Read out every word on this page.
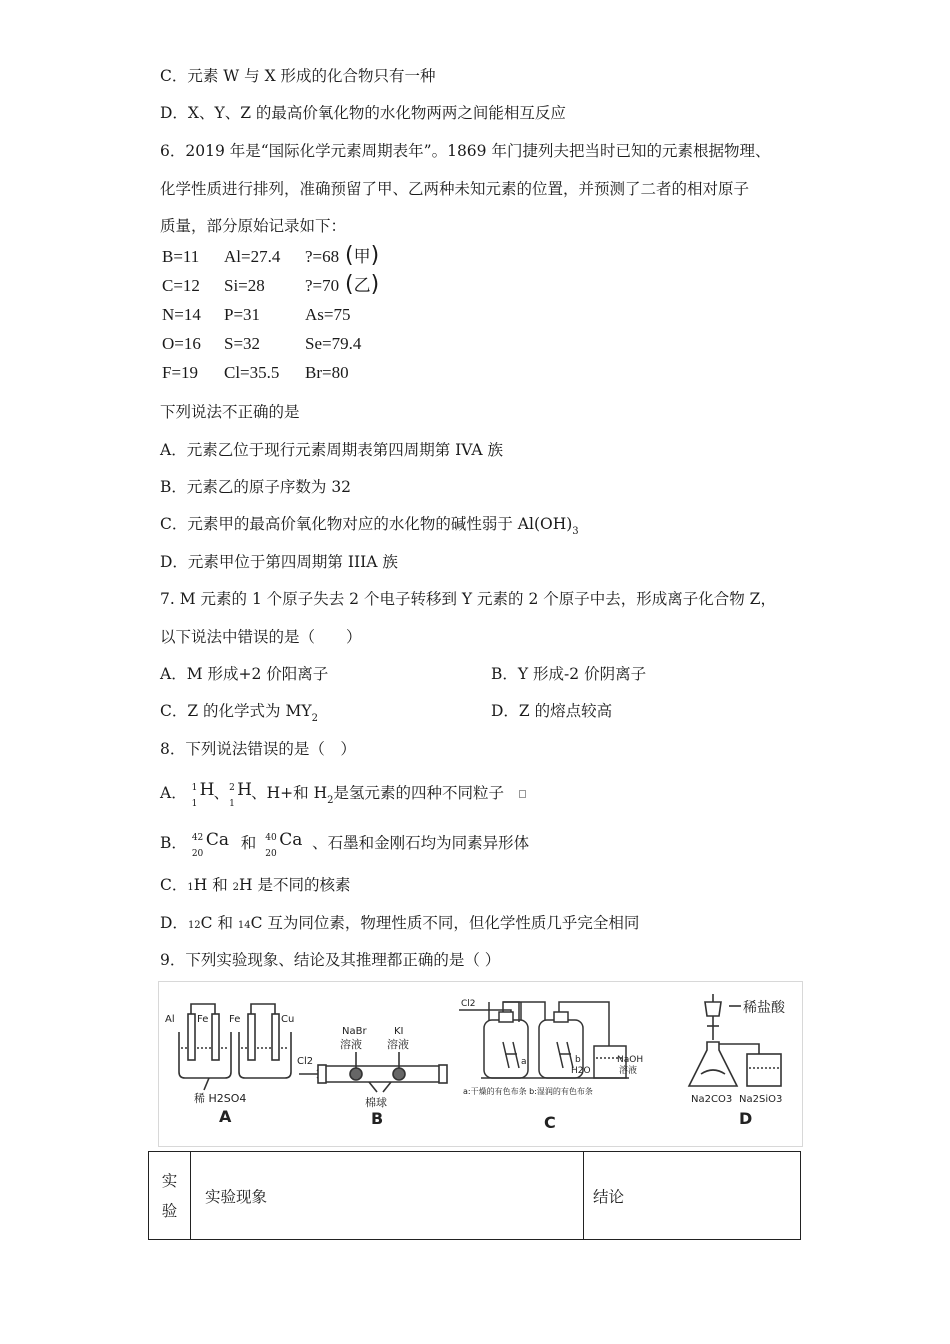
C．元素 W 与 X 形成的化合物只有一种
D．X、Y、Z 的最高价氧化物的水化物两两之间能相互反应
6．2019 年是“国际化学元素周期表年”。1869 年门捷列夫把当时已知的元素根据物理、
化学性质进行排列，准确预留了甲、乙两种未知元素的位置，并预测了二者的相对原子
质量，部分原始记录如下：
B=11 Al=27.4 ?=68 (甲)
C=12 Si=28 ?=70 (乙)
N=14 P=31	As=75
O=16 S=32	Se=79.4
F=19 Cl=35.5 Br=80
下列说法不正确的是
A．元素乙位于现行元素周期表第四周期第 IVA 族
B．元素乙的原子序数为 32
C．元素甲的最高价氧化物对应的水化物的碱性弱于 $Al(OH)_3$
D．元素甲位于第四周期第 IIIA 族
7. M 元素的 1 个原子失去 2 个电子转移到 Y 元素的 2 个原子中去，形成离子化合物 Z，
以下说法中错误的是（　　）
A．M 形成+2 价阳离子	B．Y 形成-2 价阴离子
C．Z 的化学式为 $MY_2$	D．Z 的熔点较高
8．下列说法错误的是（　）
A． 1
1
H 、 2
1
H 、H+和 $H_2$是氢元素的四种不同粒子
B． 42
20
Ca 和 40
20
Ca 、石墨和金刚石均为同素异形体
C．1H 和 2H 是不同的核素
D．12C 和 14C 互为同位素，物理性质不同，但化学性质几乎完全相同
9．下列实验现象、结论及其推理都正确的是（ ）
Al Fe Fe	Cu
稀 H2SO4
A
Cl2
NaBr
溶液
KI
溶液
棉球
B
Cl2
a	b
H2O
NaOH
溶液
a:干燥的有色布条 b:湿润的有色布条
C
稀盐酸
Na2CO3 Na2SiO3
D
实
验
	实验现象	结论
